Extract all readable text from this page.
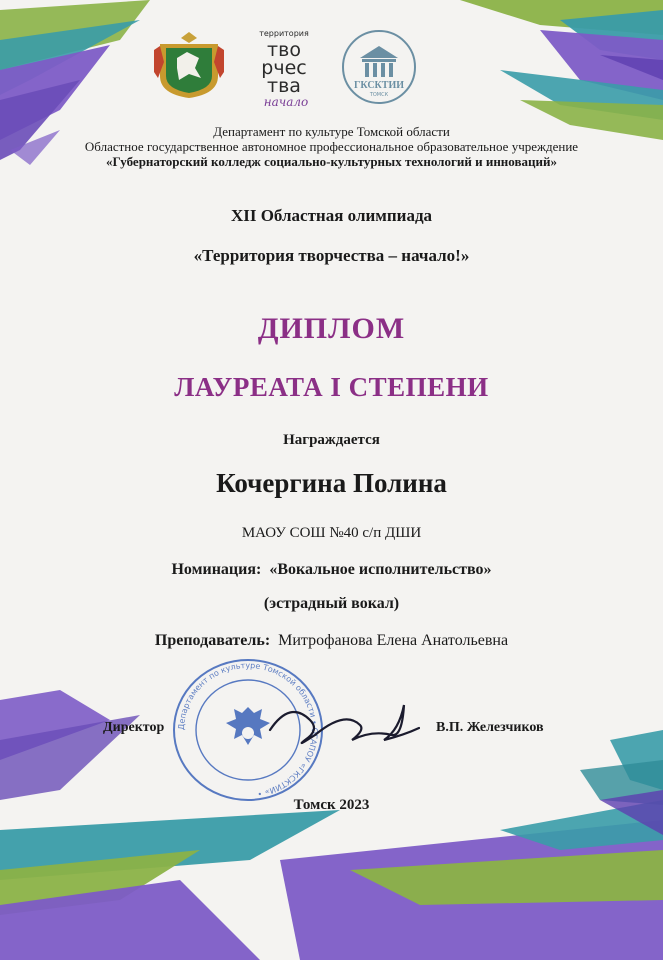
территория
тво
рчес
тва
начало
ГКСКТИИ
ТОМСК
Департамент по культуре Томской области
Областное государственное автономное профессиональное образовательное учреждение
«Губернаторский колледж социально-культурных технологий и инноваций»
XII Областная олимпиада
«Территория творчества – начало!»
ДИПЛОМ
ЛАУРЕАТА I СТЕПЕНИ
Награждается
Кочергина Полина
МАОУ СОШ №40 с/п ДШИ
Номинация: «Вокальное исполнительство»
(эстрадный вокал)
Преподаватель: Митрофанова Елена Анатольевна
Директор	В.П. Железчиков
Департамент по культуре Томской области • ОГАПОУ «ГКСКТИИ» •
Томск 2023
